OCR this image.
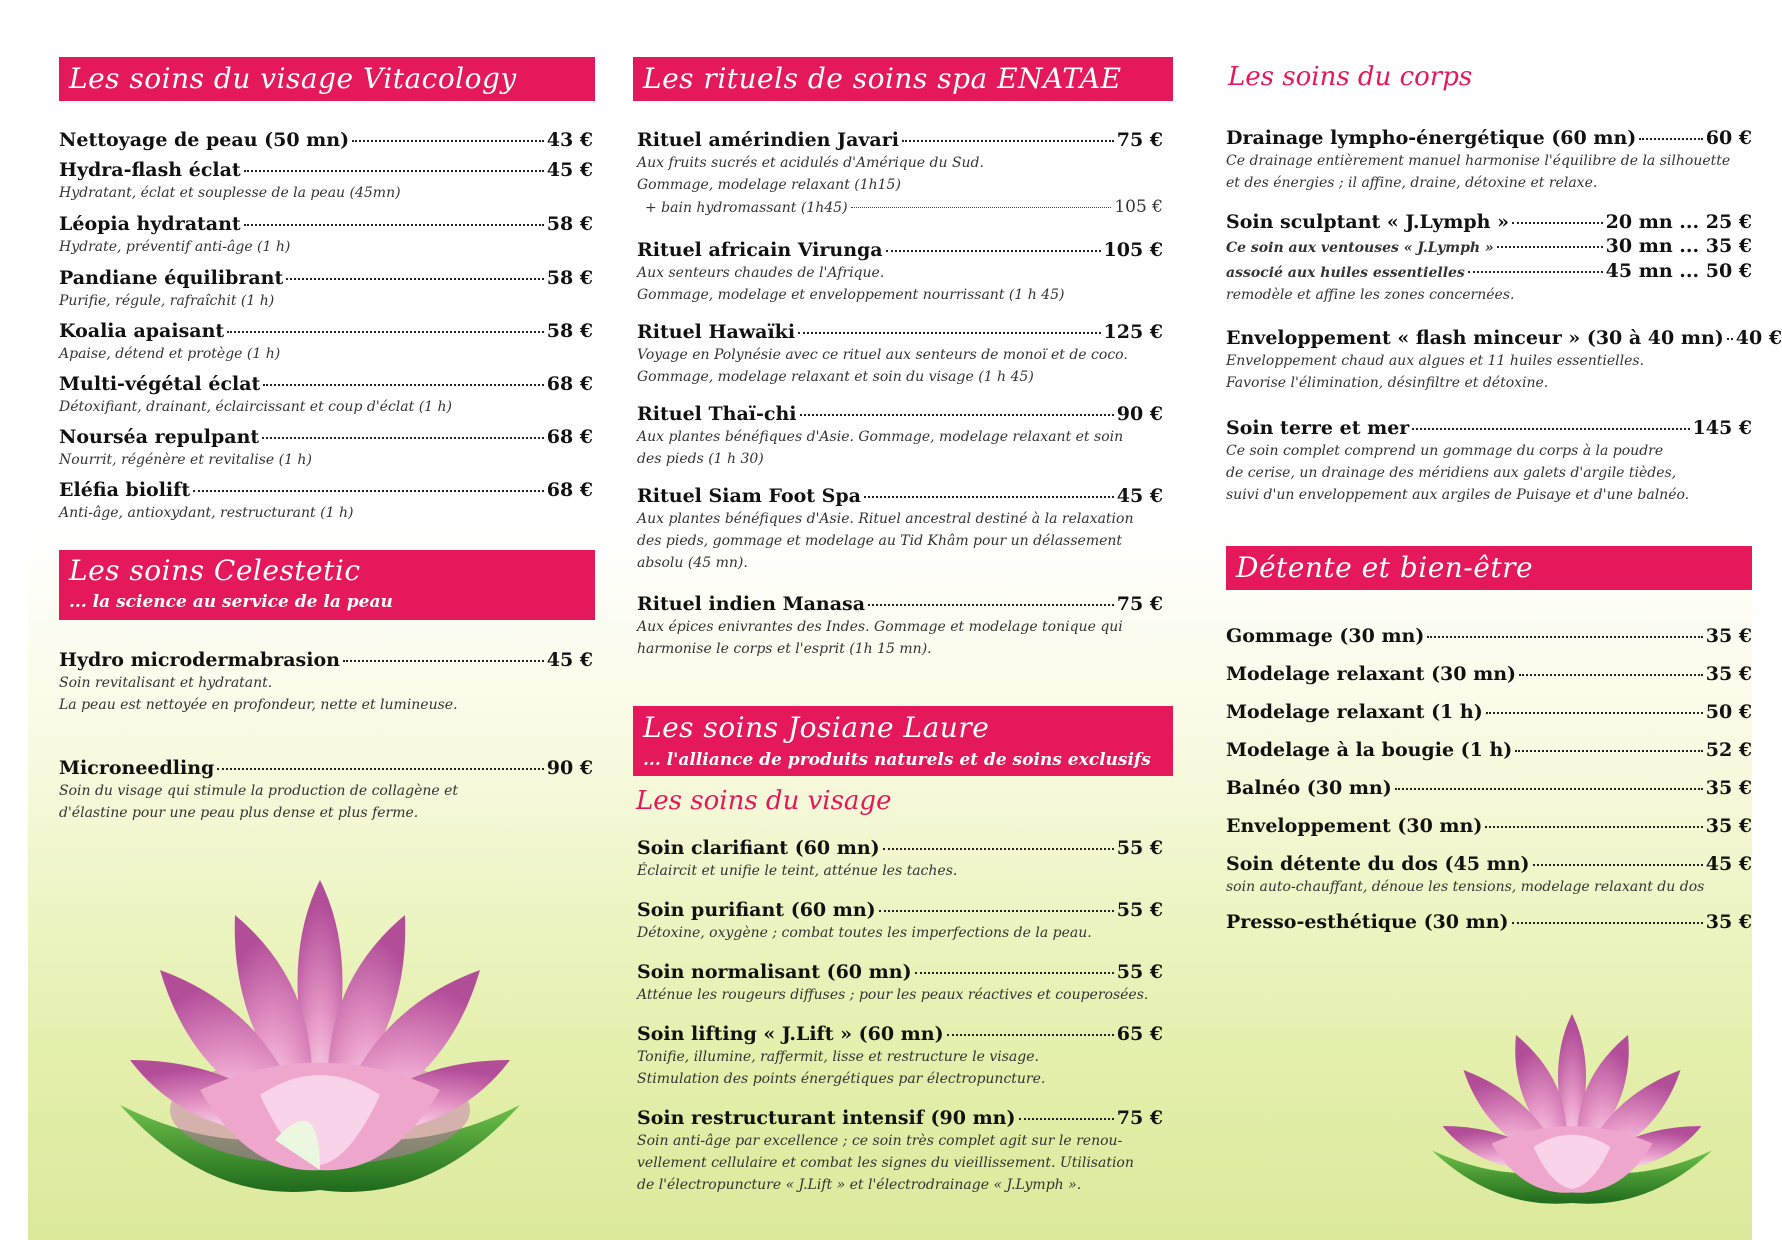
Les soins du visage Vitacology
Nettoyage de peau (50 mn)	43 €
Hydra-flash éclat	45 €
Hydratant, éclat et souplesse de la peau (45mn)
Léopia hydratant	58 €
Hydrate, préventif anti-âge (1 h)
Pandiane équilibrant	58 €
Purifie, régule, rafraîchit (1 h)
Koalia apaisant	58 €
Apaise, détend et protège (1 h)
Multi-végétal éclat	68 €
Détoxifiant, drainant, éclaircissant et coup d'éclat (1 h)
Nourséa repulpant	68 €
Nourrit, régénère et revitalise (1 h)
Eléfia biolift	68 €
Anti-âge, antioxydant, restructurant (1 h)
Les soins Celestetic
... la science au service de la peau
Hydro microdermabrasion	45 €
Soin revitalisant et hydratant.
La peau est nettoyée en profondeur, nette et lumineuse.
Microneedling	90 €
Soin du visage qui stimule la production de collagène et
d'élastine pour une peau plus dense et plus ferme.
Les rituels de soins spa ENATAE
Rituel amérindien Javari	75 €
Aux fruits sucrés et acidulés d'Amérique du Sud.
Gommage, modelage relaxant (1h15)
+ bain hydromassant (1h45)	105 €
Rituel africain Virunga	105 €
Aux senteurs chaudes de l'Afrique.
Gommage, modelage et enveloppement nourrissant (1 h 45)
Rituel Hawaïki	125 €
Voyage en Polynésie avec ce rituel aux senteurs de monoï et de coco.
Gommage, modelage relaxant et soin du visage (1 h 45)
Rituel Thaï-chi	90 €
Aux plantes bénéfiques d'Asie. Gommage, modelage relaxant et soin
des pieds (1 h 30)
Rituel Siam Foot Spa	45 €
Aux plantes bénéfiques d'Asie. Rituel ancestral destiné à la relaxation
des pieds, gommage et modelage au Tid Khâm pour un délassement
absolu (45 mn).
Rituel indien Manasa	75 €
Aux épices enivrantes des Indes. Gommage et modelage tonique qui
harmonise le corps et l'esprit (1h 15 mn).
Les soins Josiane Laure
... l'alliance de produits naturels et de soins exclusifs
Les soins du visage
Soin clarifiant (60 mn)	55 €
Éclaircit et unifie le teint, atténue les taches.
Soin purifiant (60 mn)	55 €
Détoxine, oxygène ; combat toutes les imperfections de la peau.
Soin normalisant (60 mn)	55 €
Atténue les rougeurs diffuses ; pour les peaux réactives et couperosées.
Soin lifting « J.Lift » (60 mn)	65 €
Tonifie, illumine, raffermit, lisse et restructure le visage.
Stimulation des points énergétiques par électropuncture.
Soin restructurant intensif (90 mn)	75 €
Soin anti-âge par excellence ; ce soin très complet agit sur le renou-
vellement cellulaire et combat les signes du vieillissement. Utilisation
de l'électropuncture « J.Lift » et l'électrodrainage « J.Lymph ».
Les soins du corps
Drainage lympho-énergétique (60 mn)	60 €
Ce drainage entièrement manuel harmonise l'équilibre de la silhouette
et des énergies ; il affine, draine, détoxine et relaxe.
Soin sculptant « J.Lymph »	20 mn ... 25 €
Ce soin aux ventouses « J.Lymph »	30 mn ... 35 €
associé aux huiles essentielles	45 mn ... 50 €
remodèle et affine les zones concernées.
Enveloppement « flash minceur » (30 à 40 mn) 40 €
Enveloppement chaud aux algues et 11 huiles essentielles.
Favorise l'élimination, désinfiltre et détoxine.
Soin terre et mer	145 €
Ce soin complet comprend un gommage du corps à la poudre
de cerise, un drainage des méridiens aux galets d'argile tièdes,
suivi d'un enveloppement aux argiles de Puisaye et d'une balnéo.
Détente et bien-être
Gommage (30 mn)	35 €
Modelage relaxant (30 mn)	35 €
Modelage relaxant (1 h)	50 €
Modelage à la bougie (1 h)	52 €
Balnéo (30 mn)	35 €
Enveloppement (30 mn)	35 €
Soin détente du dos (45 mn)	45 €
soin auto-chauffant, dénoue les tensions, modelage relaxant du dos
Presso-esthétique (30 mn)	35 €
